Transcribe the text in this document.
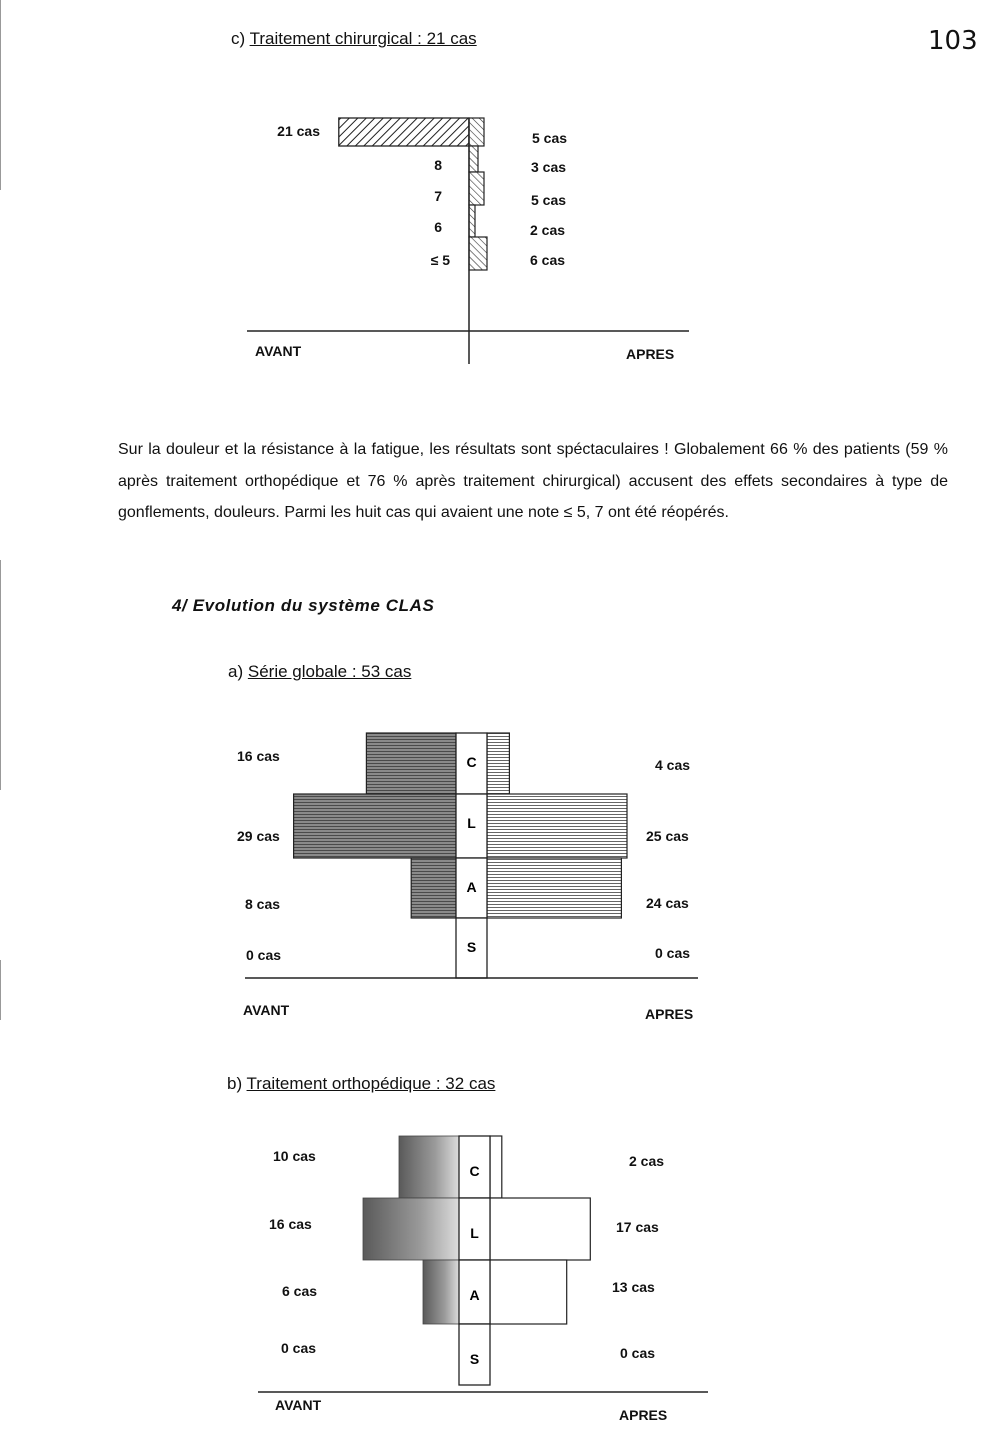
103
c) Traitement chirurgical : 21 cas
21 cas
8
7
6
≤ 5
5 cas
3 cas
5 cas
2 cas
6 cas
AVANT	APRES

Sur la douleur et la résistance à la fatigue, les résultats sont spéctaculaires ! Globalement 66 % des patients (59 % après traitement orthopédique et 76 % après traitement chirurgical) accusent des effets secondaires à type de gonflements, douleurs. Parmi les huit cas qui avaient une note ≤ 5, 7 ont été réopérés.

4/ Evolution du système CLAS
a) Série globale : 53 cas
C
L
A
S
16 cas
29 cas
8 cas
0 cas
4 cas
25 cas
24 cas
0 cas
AVANT	APRES
b) Traitement orthopédique : 32 cas
C
L
A
S
10 cas
16 cas
6 cas
0 cas
2 cas
17 cas
13 cas
0 cas
AVANT
APRES
